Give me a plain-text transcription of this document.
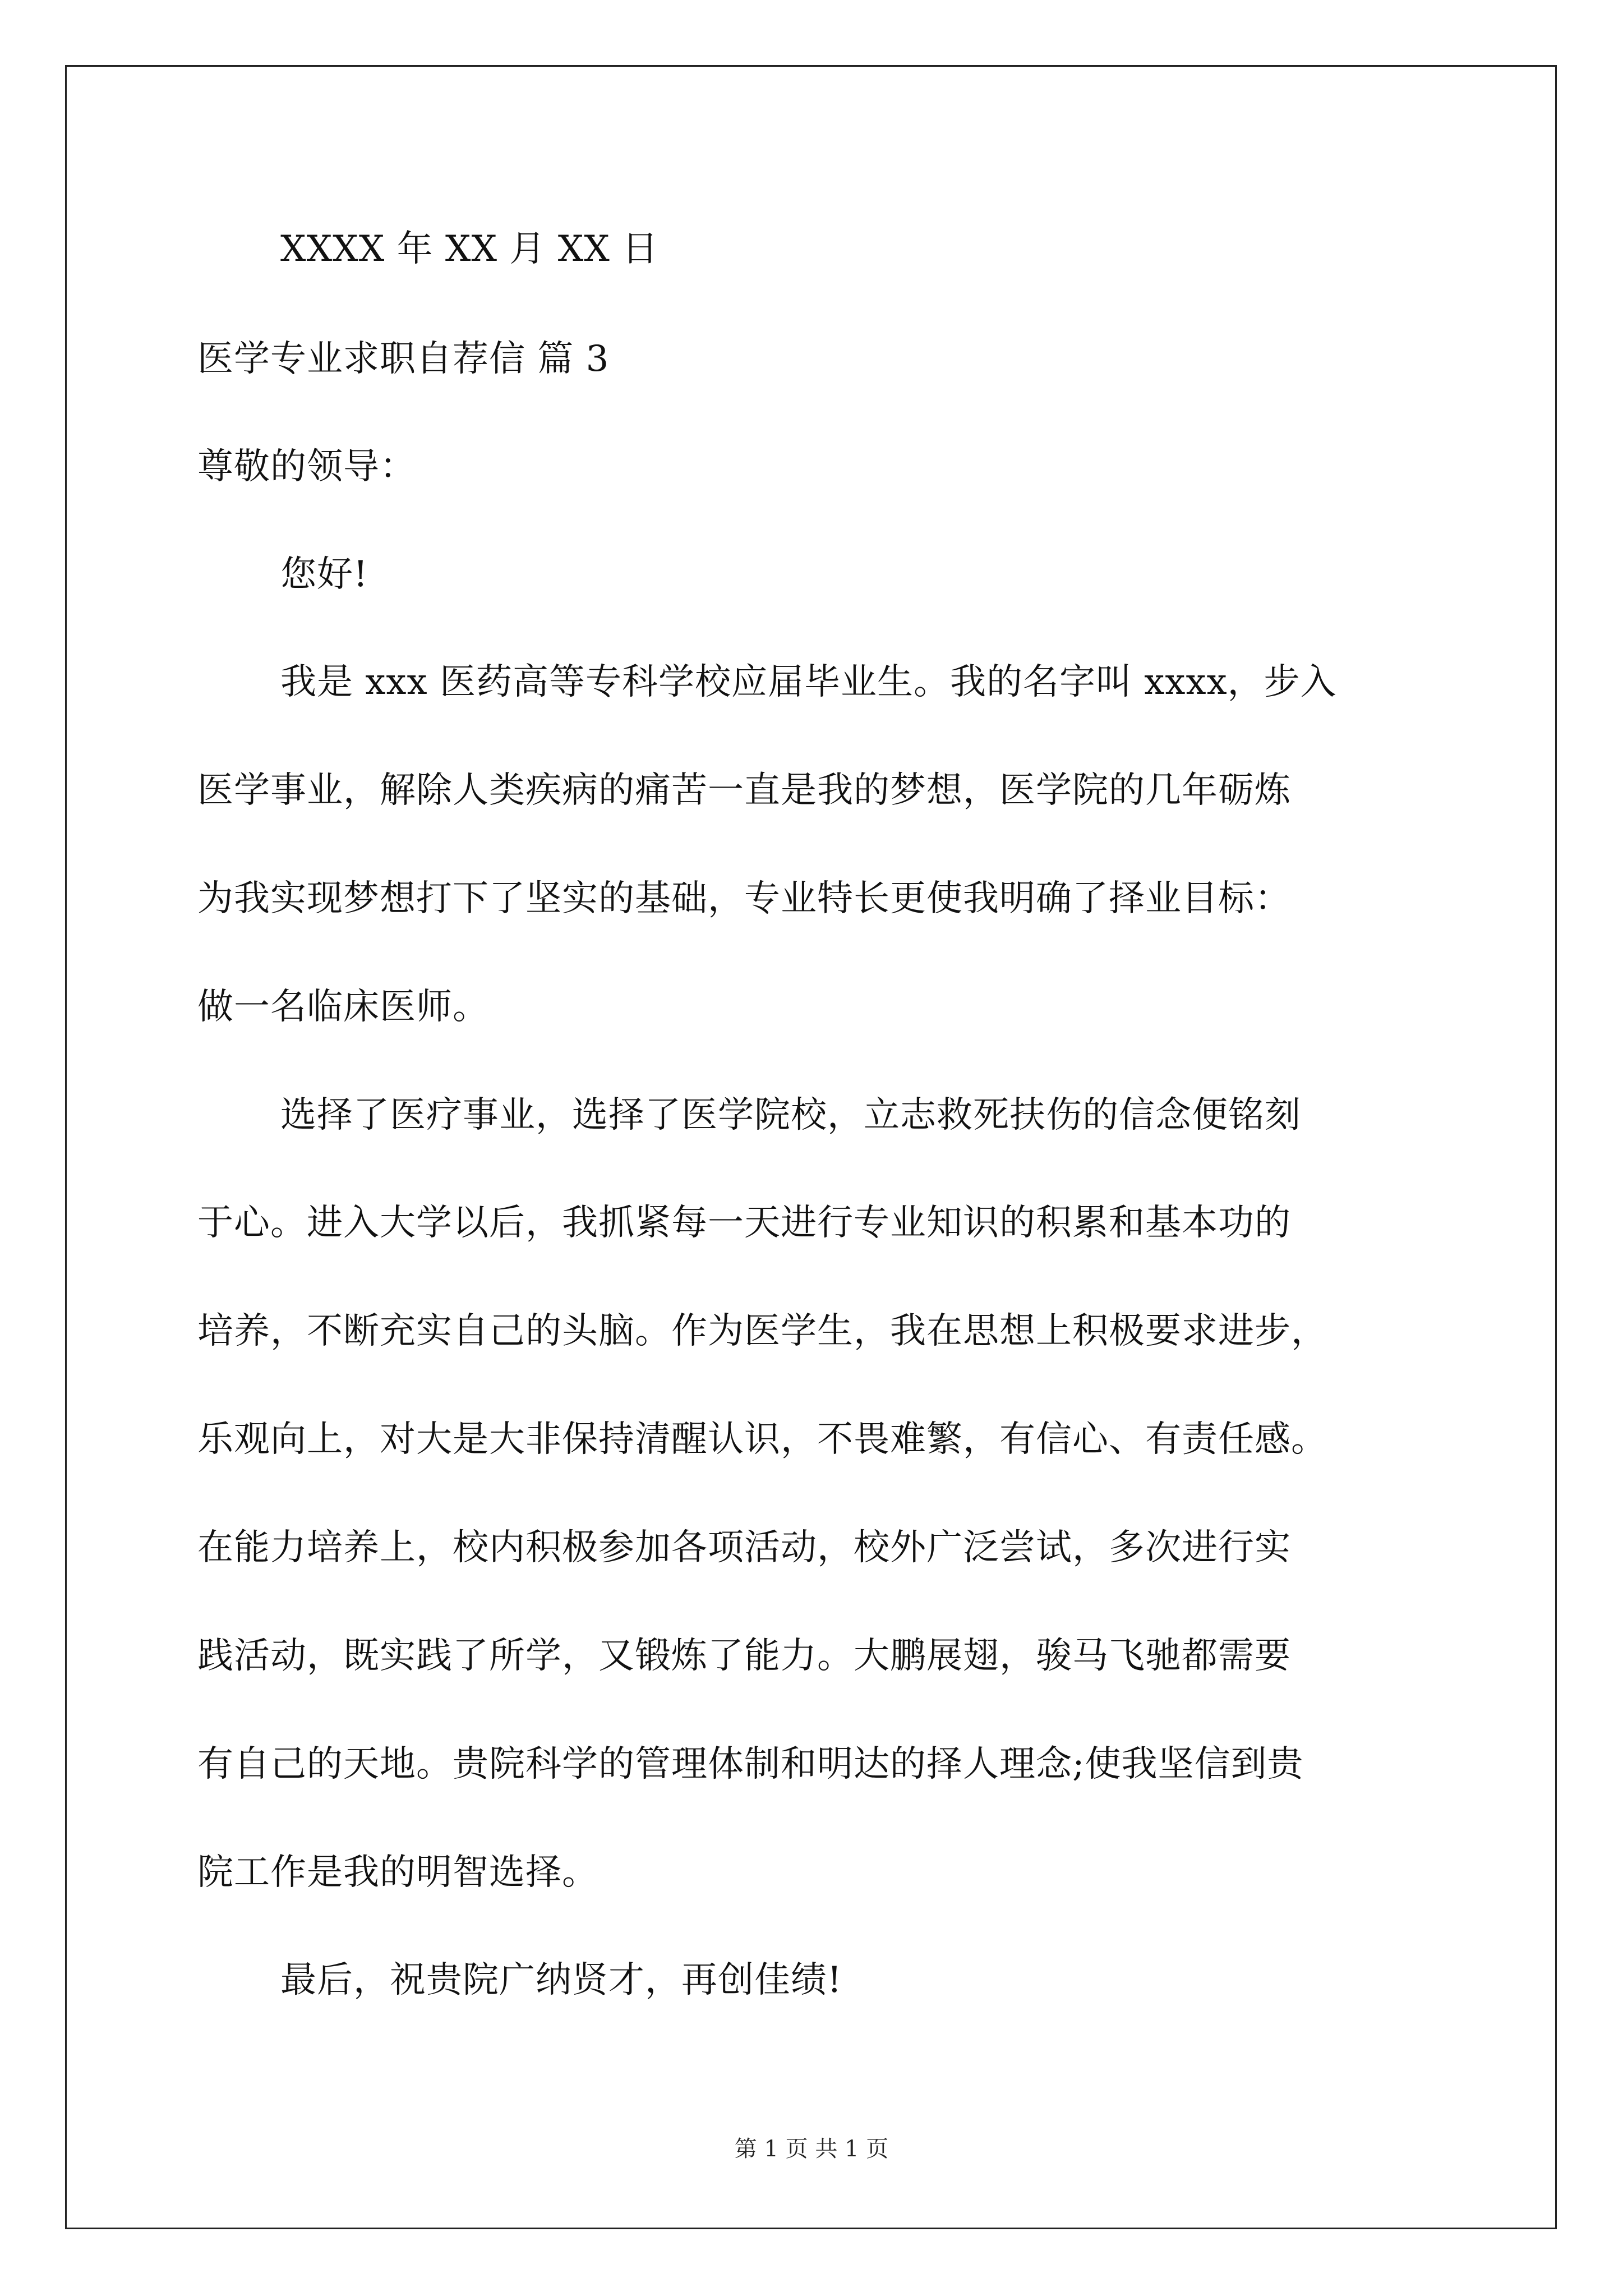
XXXX 年 XX 月 XX 日
医学专业求职自荐信 篇 3
尊敬的领导：
您好!
我是 xxx 医药高等专科学校应届毕业生。我的名字叫 xxxx，步入
医学事业，解除人类疾病的痛苦一直是我的梦想，医学院的几年砺炼
为我实现梦想打下了坚实的基础，专业特长更使我明确了择业目标：
做一名临床医师。
选择了医疗事业，选择了医学院校，立志救死扶伤的信念便铭刻
于心。进入大学以后，我抓紧每一天进行专业知识的积累和基本功的
培养，不断充实自己的头脑。作为医学生，我在思想上积极要求进步，
乐观向上，对大是大非保持清醒认识，不畏难繁，有信心、有责任感。
在能力培养上，校内积极参加各项活动，校外广泛尝试，多次进行实
践活动，既实践了所学，又锻炼了能力。大鹏展翅，骏马飞驰都需要
有自己的天地。贵院科学的管理体制和明达的择人理念;使我坚信到贵
院工作是我的明智选择。
最后，祝贵院广纳贤才，再创佳绩!
第 1 页 共 1 页
